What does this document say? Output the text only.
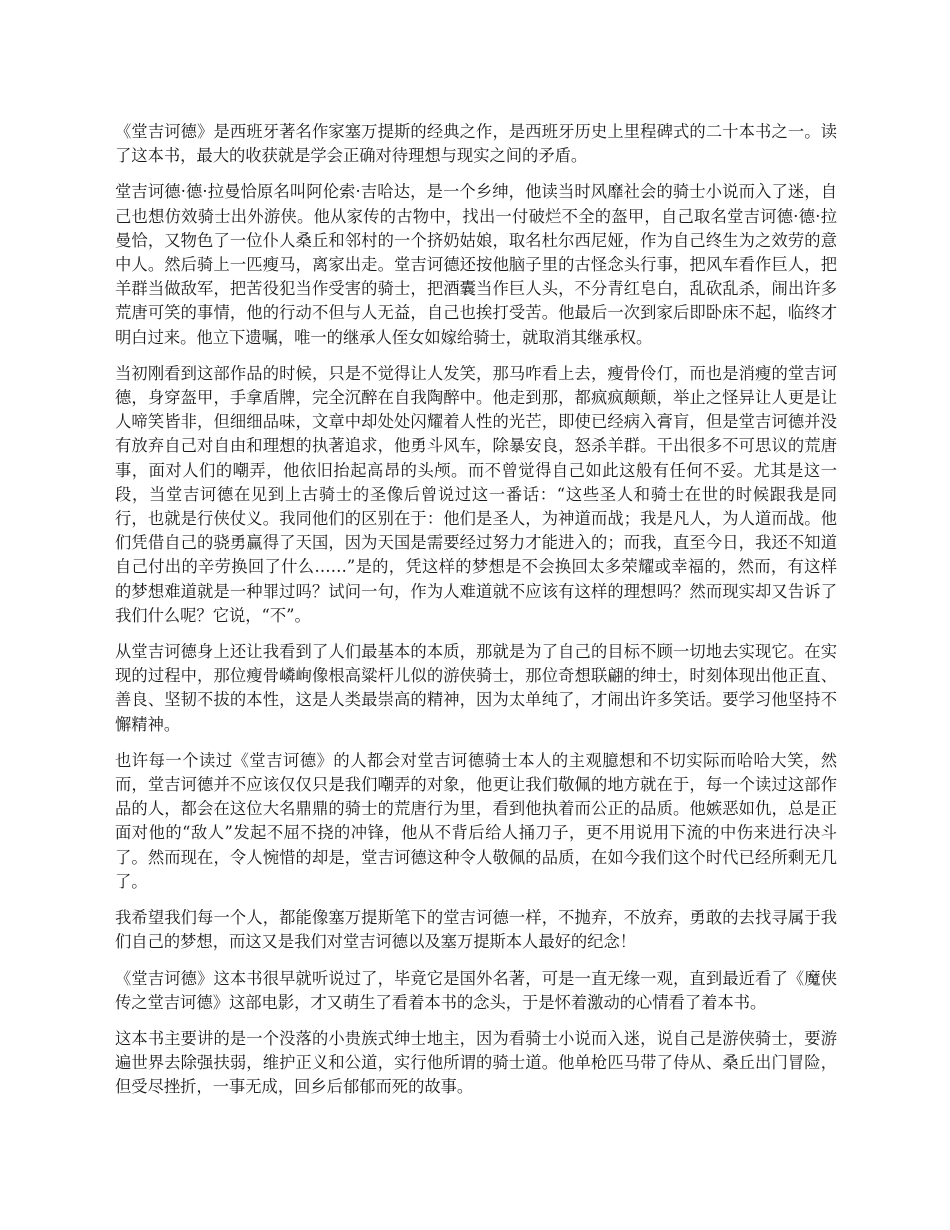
《堂吉诃德》是西班牙著名作家塞万提斯的经典之作，是西班牙历史上里程碑式的二十本书之一。读了这本书，最大的收获就是学会正确对待理想与现实之间的矛盾。

堂吉诃德·德·拉曼恰原名叫阿伦索·吉哈达，是一个乡绅，他读当时风靡社会的骑士小说而入了迷，自己也想仿效骑士出外游侠。他从家传的古物中，找出一付破烂不全的盔甲，自己取名堂吉诃德·德·拉曼恰，又物色了一位仆人桑丘和邻村的一个挤奶姑娘，取名杜尔西尼娅，作为自己终生为之效劳的意中人。然后骑上一匹瘦马，离家出走。堂吉诃德还按他脑子里的古怪念头行事，把风车看作巨人，把羊群当做敌军，把苦役犯当作受害的骑士，把酒囊当作巨人头，不分青红皂白，乱砍乱杀，闹出许多荒唐可笑的事情，他的行动不但与人无益，自己也挨打受苦。他最后一次到家后即卧床不起，临终才明白过来。他立下遗嘱，唯一的继承人侄女如嫁给骑士，就取消其继承权。

当初刚看到这部作品的时候，只是不觉得让人发笑，那马咋看上去，瘦骨伶仃，而也是消瘦的堂吉诃德，身穿盔甲，手拿盾牌，完全沉醉在自我陶醉中。他走到那，都疯疯颠颠，举止之怪异让人更是让人啼笑皆非，但细细品味，文章中却处处闪耀着人性的光芒，即使已经病入膏肓，但是堂吉诃德并没有放弃自己对自由和理想的执著追求，他勇斗风车，除暴安良，怒杀羊群。干出很多不可思议的荒唐事，面对人们的嘲弄，他依旧抬起高昂的头颅。而不曾觉得自己如此这般有任何不妥。尤其是这一段，当堂吉诃德在见到上古骑士的圣像后曾说过这一番话：“这些圣人和骑士在世的时候跟我是同行，也就是行侠仗义。我同他们的区别在于：他们是圣人，为神道而战；我是凡人，为人道而战。他们凭借自己的骁勇赢得了天国，因为天国是需要经过努力才能进入的；而我，直至今日，我还不知道自己付出的辛劳换回了什么……”是的，凭这样的梦想是不会换回太多荣耀或幸福的，然而，有这样的梦想难道就是一种罪过吗？试问一句，作为人难道就不应该有这样的理想吗？然而现实却又告诉了我们什么呢？它说，“不”。

从堂吉诃德身上还让我看到了人们最基本的本质，那就是为了自己的目标不顾一切地去实现它。在实现的过程中，那位瘦骨嶙峋像根高粱杆儿似的游侠骑士，那位奇想联翩的绅士，时刻体现出他正直、善良、坚韧不拔的本性，这是人类最崇高的精神，因为太单纯了，才闹出许多笑话。要学习他坚持不懈精神。

也许每一个读过《堂吉诃德》的人都会对堂吉诃德骑士本人的主观臆想和不切实际而哈哈大笑，然而，堂吉诃德并不应该仅仅只是我们嘲弄的对象，他更让我们敬佩的地方就在于，每一个读过这部作品的人，都会在这位大名鼎鼎的骑士的荒唐行为里，看到他执着而公正的品质。他嫉恶如仇，总是正面对他的“敌人”发起不屈不挠的冲锋，他从不背后给人捅刀子，更不用说用下流的中伤来进行决斗了。然而现在，令人惋惜的却是，堂吉诃德这种令人敬佩的品质，在如今我们这个时代已经所剩无几了。

我希望我们每一个人，都能像塞万提斯笔下的堂吉诃德一样，不抛弃，不放弃，勇敢的去找寻属于我们自己的梦想，而这又是我们对堂吉诃德以及塞万提斯本人最好的纪念！

《堂吉诃德》这本书很早就听说过了，毕竟它是国外名著，可是一直无缘一观，直到最近看了《魔侠传之堂吉诃德》这部电影，才又萌生了看着本书的念头，于是怀着激动的心情看了着本书。

这本书主要讲的是一个没落的小贵族式绅士地主，因为看骑士小说而入迷，说自己是游侠骑士，要游遍世界去除强扶弱，维护正义和公道，实行他所谓的骑士道。他单枪匹马带了侍从、桑丘出门冒险，但受尽挫折，一事无成，回乡后郁郁而死的故事。
